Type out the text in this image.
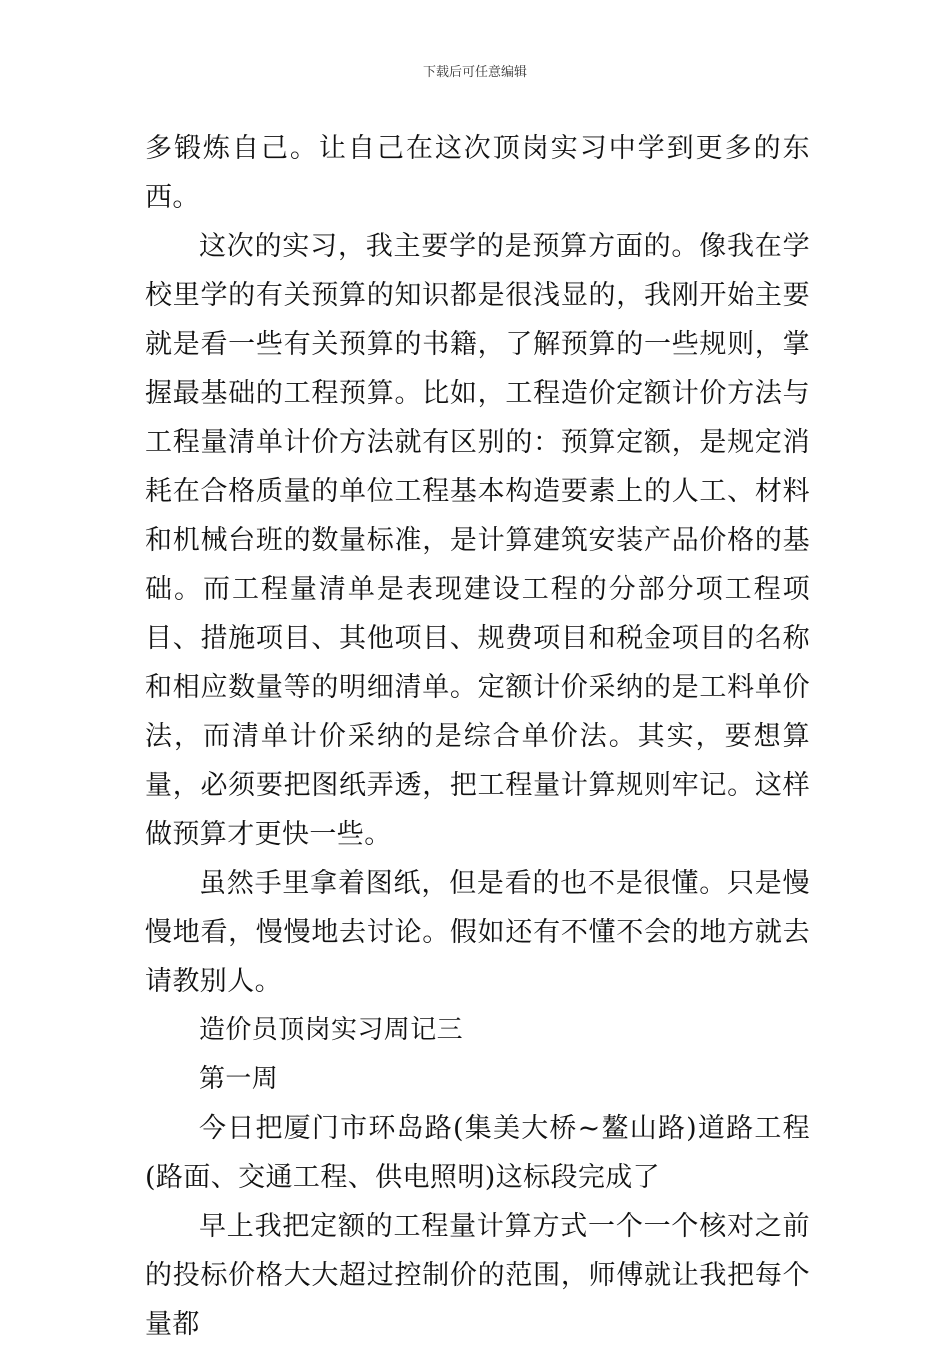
下载后可任意编辑

多锻炼自己。让自己在这次顶岗实习中学到更多的东西。

这次的实习，我主要学的是预算方面的。像我在学校里学的有关预算的知识都是很浅显的，我刚开始主要就是看一些有关预算的书籍，了解预算的一些规则，掌握最基础的工程预算。比如，工程造价定额计价方法与工程量清单计价方法就有区别的：预算定额，是规定消耗在合格质量的单位工程基本构造要素上的人工、材料和机械台班的数量标准，是计算建筑安装产品价格的基础。而工程量清单是表现建设工程的分部分项工程项目、措施项目、其他项目、规费项目和税金项目的名称和相应数量等的明细清单。定额计价采纳的是工料单价法，而清单计价采纳的是综合单价法。其实，要想算量，必须要把图纸弄透，把工程量计算规则牢记。这样做预算才更快一些。

虽然手里拿着图纸，但是看的也不是很懂。只是慢慢地看，慢慢地去讨论。假如还有不懂不会的地方就去请教别人。

造价员顶岗实习周记三

第一周

今日把厦门市环岛路(集美大桥~鳌山路)道路工程(路面、交通工程、供电照明)这标段完成了

早上我把定额的工程量计算方式一个一个核对之前的投标价格大大超过控制价的范围，师傅就让我把每个量都
